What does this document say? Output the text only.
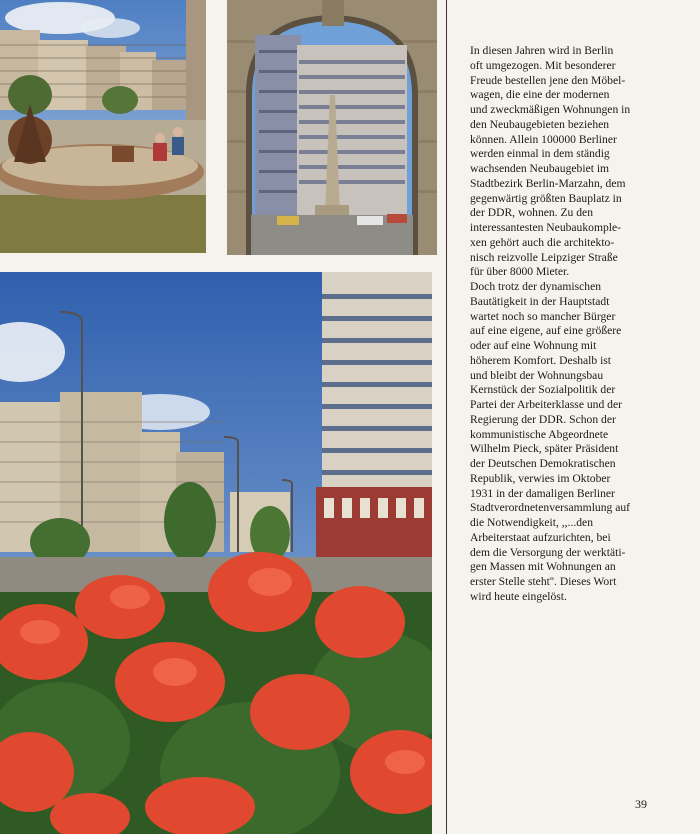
In diesen Jahren wird in Berlin
oft umgezogen. Mit besonderer
Freude bestellen jene den Möbel-
wagen, die eine der modernen
und zweckmäßigen Wohnungen in
den Neubaugebieten beziehen
können. Allein 100000 Berliner
werden einmal in dem ständig
wachsenden Neubaugebiet im
Stadtbezirk Berlin-Marzahn, dem
gegenwärtig größten Bauplatz in
der DDR, wohnen. Zu den
interessantesten Neubaukomple-
xen gehört auch die architekto-
nisch reizvolle Leipziger Straße
für über 8000 Mieter.
Doch trotz der dynamischen
Bautätigkeit in der Hauptstadt
wartet noch so mancher Bürger
auf eine eigene, auf eine größere
oder auf eine Wohnung mit
höherem Komfort. Deshalb ist
und bleibt der Wohnungsbau
Kernstück der Sozialpolitik der
Partei der Arbeiterklasse und der
Regierung der DDR. Schon der
kommunistische Abgeordnete
Wilhelm Pieck, später Präsident
der Deutschen Demokratischen
Republik, verwies im Oktober
1931 in der damaligen Berliner
Stadtverordnetenversammlung auf
die Notwendigkeit, ,,...den
Arbeiterstaat aufzurichten, bei
dem die Versorgung der werktäti-
gen Massen mit Wohnungen an
erster Stelle steht''. Dieses Wort
wird heute eingelöst.
39
